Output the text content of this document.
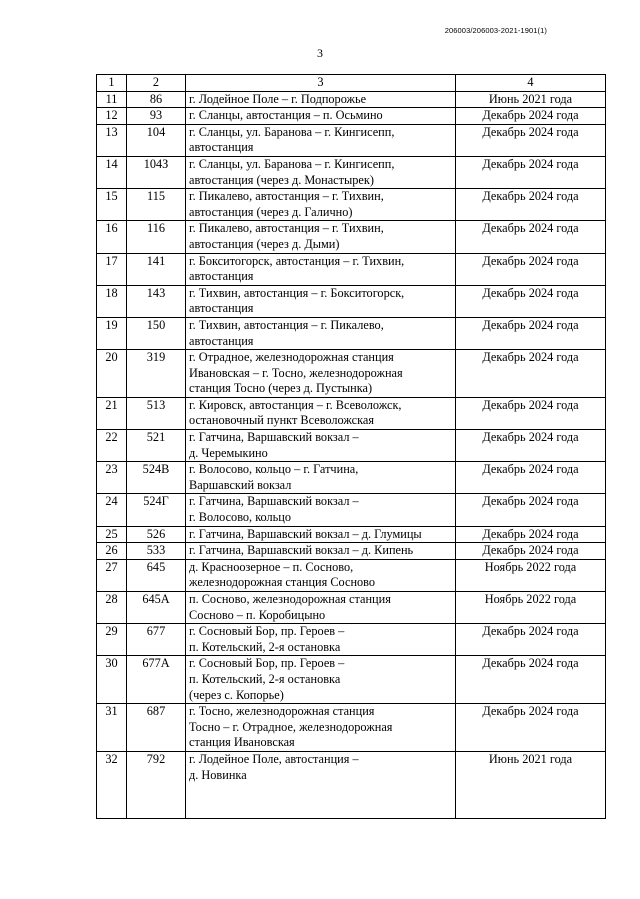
206003/206003-2021-1901(1)
3
1	2	3	4
11	86	г. Лодейное Поле – г. Подпорожье	Июнь 2021 года
12	93	г. Сланцы, автостанция – п. Осьмино	Декабрь 2024 года
13	104	г. Сланцы, ул. Баранова – г. Кингисепп,
автостанция	Декабрь 2024 года
14	104З	г. Сланцы, ул. Баранова – г. Кингисепп,
автостанция (через д. Монастырек)	Декабрь 2024 года
15	115	г. Пикалево, автостанция – г. Тихвин,
автостанция (через д. Галично)	Декабрь 2024 года
16	116	г. Пикалево, автостанция – г. Тихвин,
автостанция (через д. Дыми)	Декабрь 2024 года
17	141	г. Бокситогорск, автостанция – г. Тихвин,
автостанция	Декабрь 2024 года
18	143	г. Тихвин, автостанция – г. Бокситогорск,
автостанция	Декабрь 2024 года
19	150	г. Тихвин, автостанция – г. Пикалево,
автостанция	Декабрь 2024 года
20	319	г. Отрадное, железнодорожная станция
Ивановская – г. Тосно, железнодорожная
станция Тосно (через д. Пустынка)	Декабрь 2024 года
21	513	г. Кировск, автостанция – г. Всеволожск,
остановочный пункт Всеволожская	Декабрь 2024 года
22	521	г. Гатчина, Варшавский вокзал –
д. Черемыкино	Декабрь 2024 года
23	524В	г. Волосово, кольцо – г. Гатчина,
Варшавский вокзал	Декабрь 2024 года
24	524Г	г. Гатчина, Варшавский вокзал –
г. Волосово, кольцо	Декабрь 2024 года
25	526	г. Гатчина, Варшавский вокзал – д. Глумицы	Декабрь 2024 года
26	533	г. Гатчина, Варшавский вокзал – д. Кипень	Декабрь 2024 года
27	645	д. Красноозерное – п. Сосново,
железнодорожная станция Сосново	Ноябрь 2022 года
28	645А	п. Сосново, железнодорожная станция
Сосново – п. Коробицыно	Ноябрь 2022 года
29	677	г. Сосновый Бор, пр. Героев –
п. Котельский, 2-я остановка	Декабрь 2024 года
30	677А	г. Сосновый Бор, пр. Героев –
п. Котельский, 2-я остановка
(через с. Копорье)	Декабрь 2024 года
31	687	г. Тосно, железнодорожная станция
Тосно – г. Отрадное, железнодорожная
станция Ивановская	Декабрь 2024 года
32	792	г. Лодейное Поле, автостанция –
д. Новинка	Июнь 2021 года
